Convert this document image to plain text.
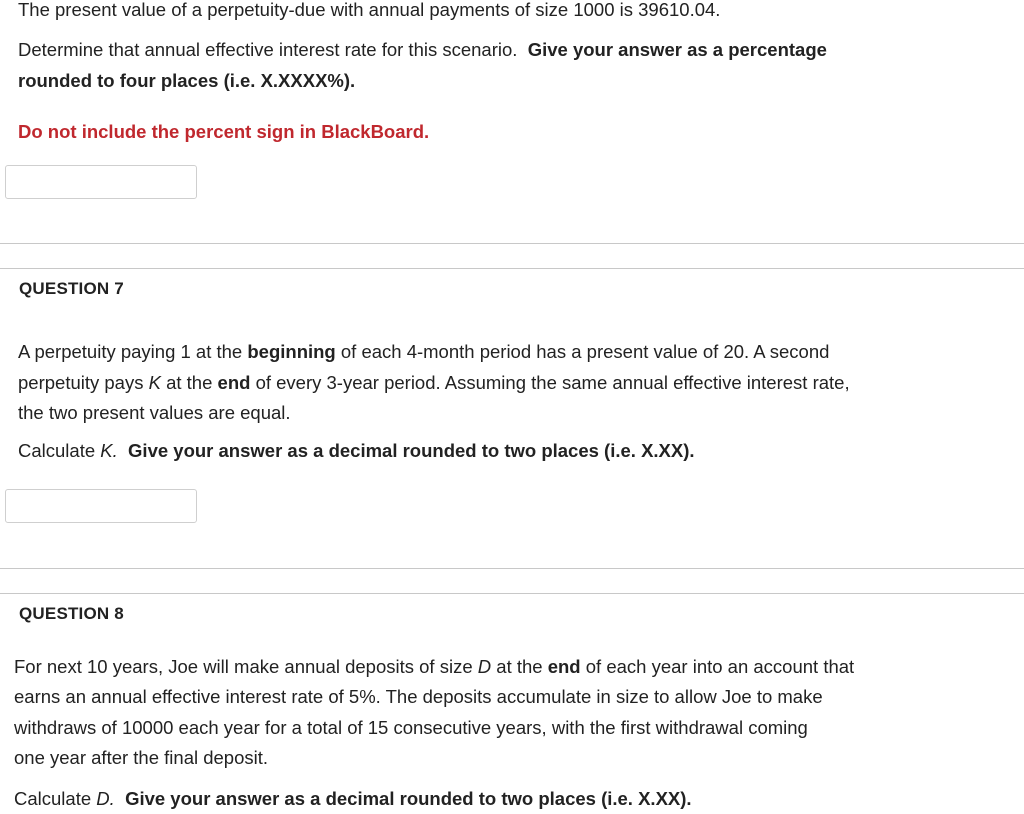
The present value of a perpetuity-due with annual payments of size 1000 is 39610.04.
Determine that annual effective interest rate for this scenario. Give your answer as a percentage
rounded to four places (i.e. X.XXXX%).
Do not include the percent sign in BlackBoard.
QUESTION 7
A perpetuity paying 1 at the beginning of each 4-month period has a present value of 20. A second
perpetuity pays K at the end of every 3-year period. Assuming the same annual effective interest rate,
the two present values are equal.
Calculate K. Give your answer as a decimal rounded to two places (i.e. X.XX).
QUESTION 8
For next 10 years, Joe will make annual deposits of size D at the end of each year into an account that
earns an annual effective interest rate of 5%. The deposits accumulate in size to allow Joe to make
withdraws of 10000 each year for a total of 15 consecutive years, with the first withdrawal coming
one year after the final deposit.
Calculate D. Give your answer as a decimal rounded to two places (i.e. X.XX).
